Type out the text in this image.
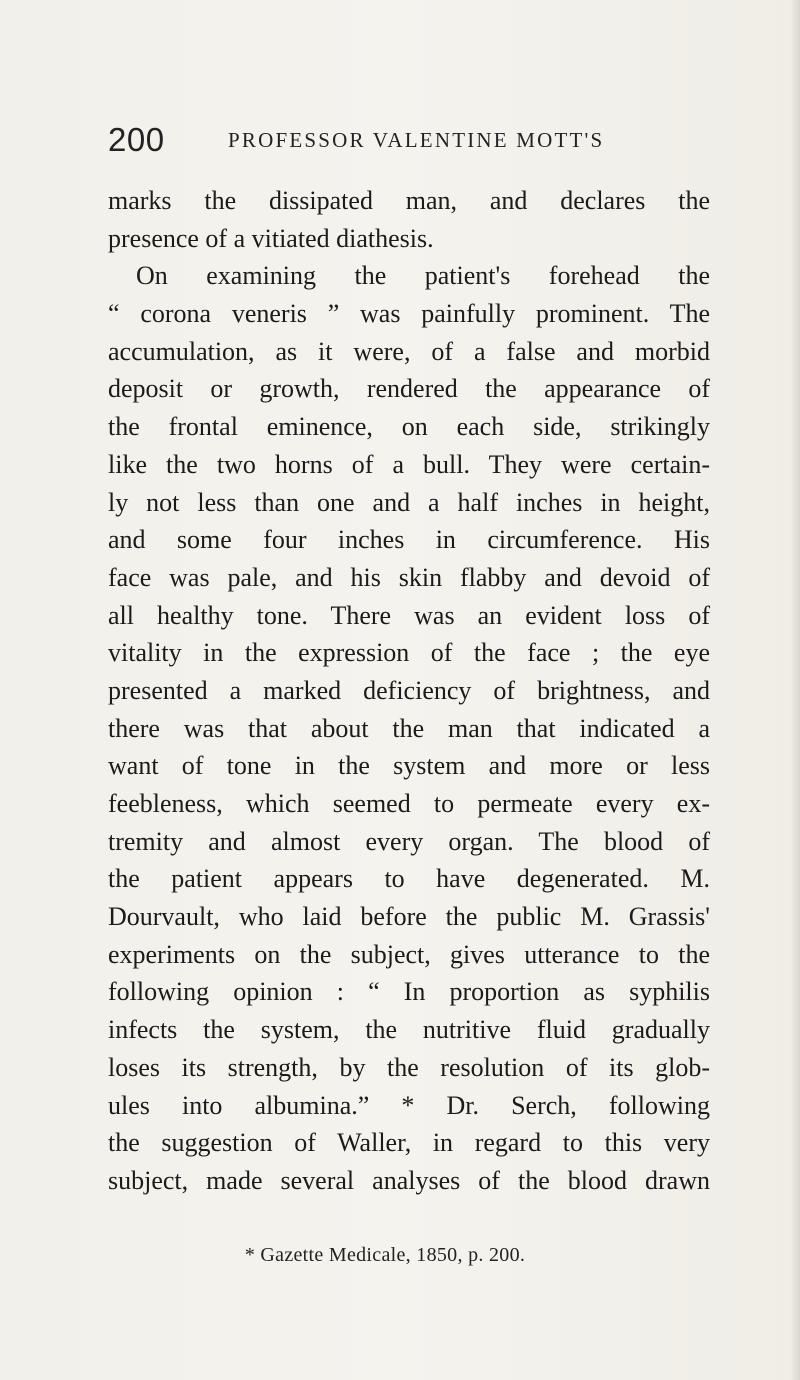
200	PROFESSOR VALENTINE MOTT'S
marks the dissipated man, and declares the
presence of a vitiated diathesis.
On examining the patient's forehead the
“ corona veneris ” was painfully prominent. The
accumulation, as it were, of a false and morbid
deposit or growth, rendered the appearance of
the frontal eminence, on each side, strikingly
like the two horns of a bull. They were certain-
ly not less than one and a half inches in height,
and some four inches in circumference. His
face was pale, and his skin flabby and devoid of
all healthy tone. There was an evident loss of
vitality in the expression of the face ; the eye
presented a marked deficiency of brightness, and
there was that about the man that indicated a
want of tone in the system and more or less
feebleness, which seemed to permeate every ex-
tremity and almost every organ. The blood of
the patient appears to have degenerated. M.
Dourvault, who laid before the public M. Grassis'
experiments on the subject, gives utterance to the
following opinion : “ In proportion as syphilis
infects the system, the nutritive fluid gradually
loses its strength, by the resolution of its glob-
ules into albumina.” * Dr. Serch, following
the suggestion of Waller, in regard to this very
subject, made several analyses of the blood drawn
* Gazette Medicale, 1850, p. 200.
